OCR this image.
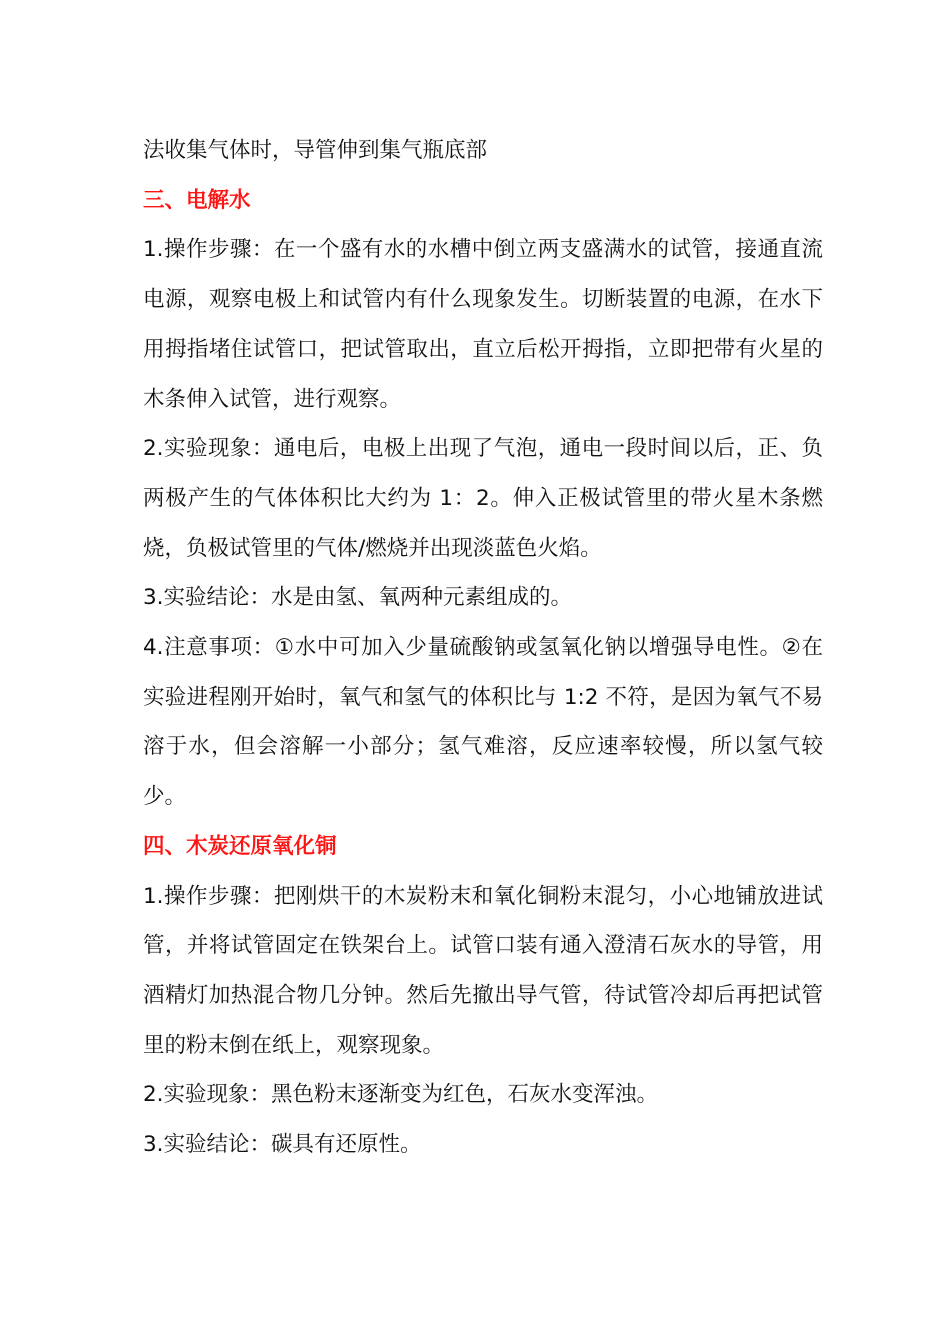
法收集气体时，导管伸到集气瓶底部

三、电解水

1.操作步骤：在一个盛有水的水槽中倒立两支盛满水的试管，接通直流电源，观察电极上和试管内有什么现象发生。切断装置的电源，在水下用拇指堵住试管口，把试管取出，直立后松开拇指，立即把带有火星的木条伸入试管，进行观察。

2.实验现象：通电后，电极上出现了气泡，通电一段时间以后，正、负两极产生的气体体积比大约为 1：2。伸入正极试管里的带火星木条燃烧，负极试管里的气体/燃烧并出现淡蓝色火焰。

3.实验结论：水是由氢、氧两种元素组成的。

4.注意事项：①水中可加入少量硫酸钠或氢氧化钠以增强导电性。②在实验进程刚开始时，氧气和氢气的体积比与 1:2 不符，是因为氧气不易溶于水，但会溶解一小部分；氢气难溶，反应速率较慢，所以氢气较少。

四、木炭还原氧化铜

1.操作步骤：把刚烘干的木炭粉末和氧化铜粉末混匀，小心地铺放进试管，并将试管固定在铁架台上。试管口装有通入澄清石灰水的导管，用酒精灯加热混合物几分钟。然后先撤出导气管，待试管冷却后再把试管里的粉末倒在纸上，观察现象。

2.实验现象：黑色粉末逐渐变为红色，石灰水变浑浊。

3.实验结论：碳具有还原性。
